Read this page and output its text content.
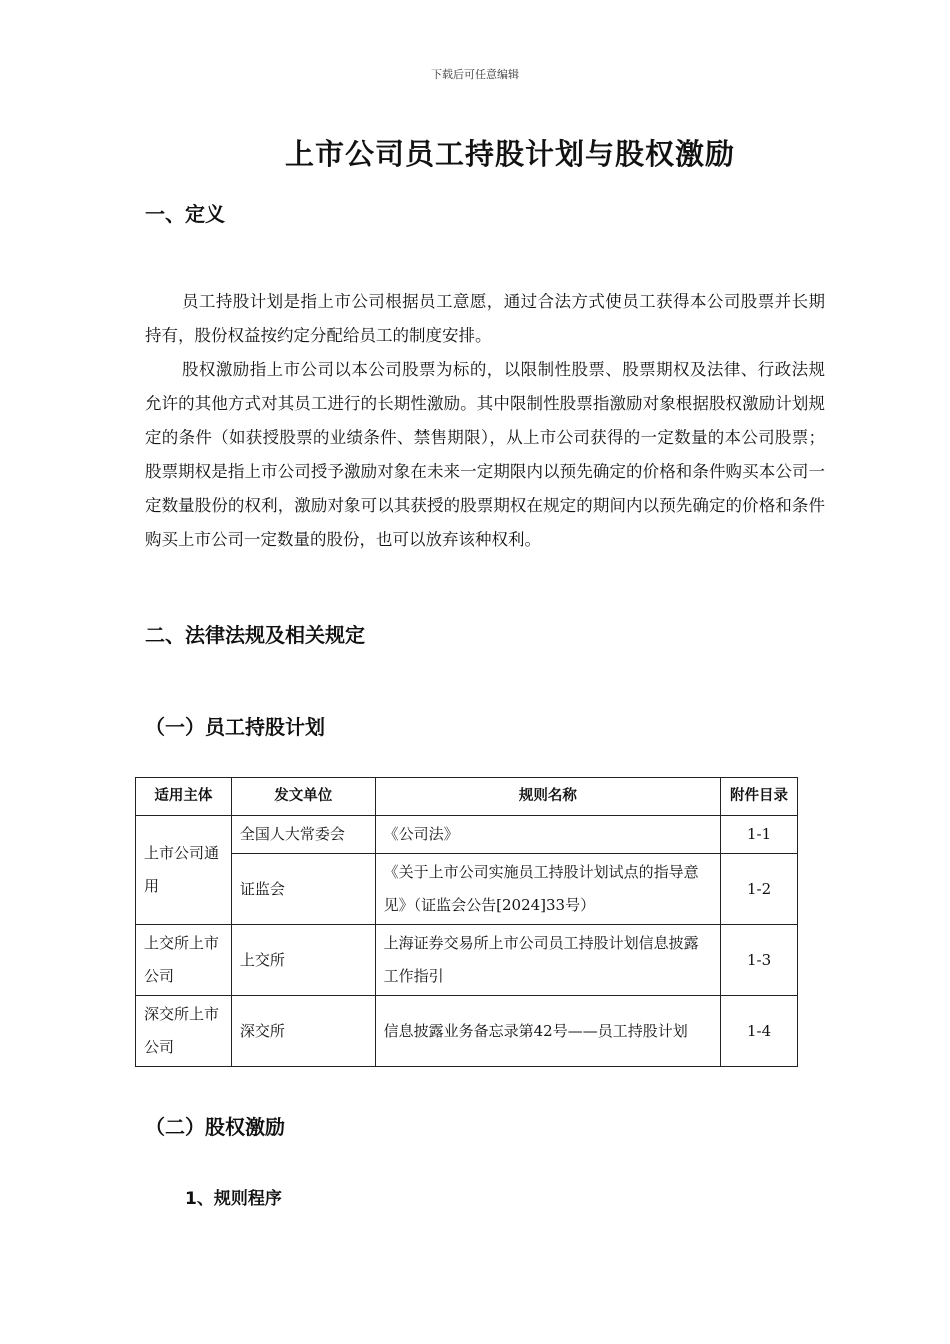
下载后可任意编辑
上市公司员工持股计划与股权激励
一、定义

员工持股计划是指上市公司根据员工意愿，通过合法方式使员工获得本公司股票并长期持有，股份权益按约定分配给员工的制度安排。

股权激励指上市公司以本公司股票为标的，以限制性股票、股票期权及法律、行政法规允许的其他方式对其员工进行的长期性激励。其中限制性股票指激励对象根据股权激励计划规定的条件（如获授股票的业绩条件、禁售期限），从上市公司获得的一定数量的本公司股票；股票期权是指上市公司授予激励对象在未来一定期限内以预先确定的价格和条件购买本公司一定数量股份的权利，激励对象可以其获授的股票期权在规定的期间内以预先确定的价格和条件购买上市公司一定数量的股份，也可以放弃该种权利。

二、法律法规及相关规定
（一）员工持股计划
适用主体	发文单位	规则名称	附件目录
上市公司通用	全国人大常委会	《公司法》	1-1
	证监会	《关于上市公司实施员工持股计划试点的指导意见》（证监会公告[2024]33号）	1-2
上交所上市公司	上交所	上海证券交易所上市公司员工持股计划信息披露工作指引	1-3
深交所上市公司	深交所	信息披露业务备忘录第42号——员工持股计划	1-4
（二）股权激励
1、规则程序
